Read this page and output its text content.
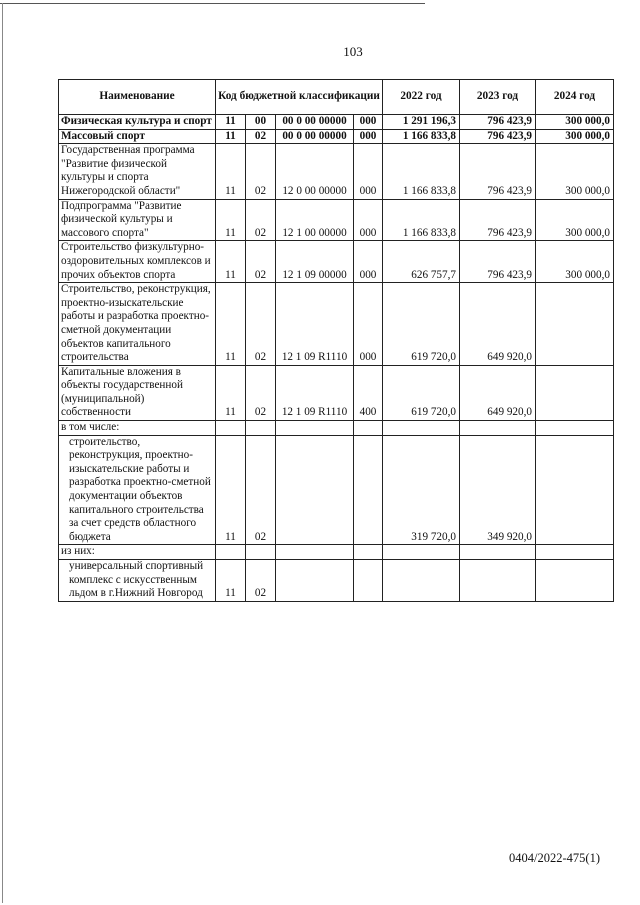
103
Наименование	Код бюджетной классификации				2022 год	2023 год	2024 год
Физическая культура и спорт	11	00	00 0 00 00000	000	1 291 196,3	796 423,9	300 000,0
Массовый спорт	11	02	00 0 00 00000	000	1 166 833,8	796 423,9	300 000,0
Государственная программа "Развитие физической культуры и спорта Нижегородской области"	11	02	12 0 00 00000	000	1 166 833,8	796 423,9	300 000,0
Подпрограмма "Развитие физической культуры и массового спорта"	11	02	12 1 00 00000	000	1 166 833,8	796 423,9	300 000,0
Строительство физкультурно-оздоровительных комплексов и прочих объектов спорта	11	02	12 1 09 00000	000	626 757,7	796 423,9	300 000,0
Строительство, реконструкция, проектно-изыскательские работы и разработка проектно-сметной документации объектов капитального строительства	11	02	12 1 09 R1110	000	619 720,0	649 920,0	
Капитальные вложения в объекты государственной (муниципальной) собственности	11	02	12 1 09 R1110	400	619 720,0	649 920,0	
в том числе:							
строительство, реконструкция, проектно-изыскательские работы и разработка проектно-сметной документации объектов капитального строительства за счет средств областного бюджета	11	02			319 720,0	349 920,0	
из них:							
универсальный спортивный комплекс с искусственным льдом в г.Нижний Новгород	11	02					
0404/2022-475(1)
